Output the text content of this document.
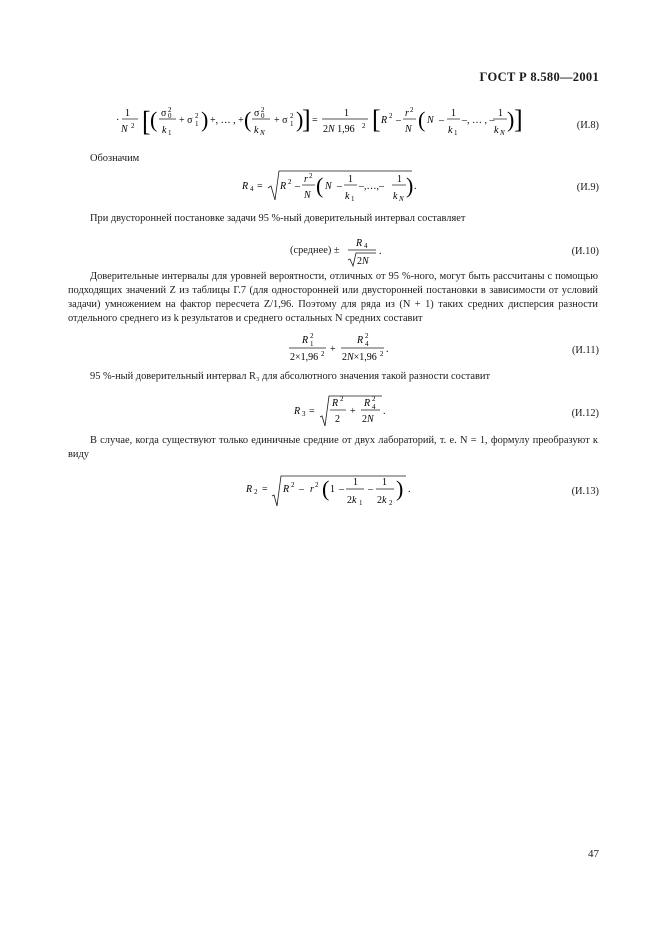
ГОСТ Р 8.580—2001
·
1
N 2 [ ( σ 2
0
k 1
+ σ 2
1 ) +, … , + ( σ 2
0
k N
+ σ 2
1 )
] =
1
2N 1,96 2 [ R 2 –
r 2
N ( N –
1
k 1
–, … , –
1
k N
) ]	(И.8)
Обозначим
R 4 = R 2 –
r 2
N ( N –
1
k 1
–,…,–
1
k N
) .	(И.9)
При двусторонней постановке задачи 95 %-ный доверительный интервал составляет
(среднее) ±
R 4
2N
.	(И.10)
Доверительные интервалы для уровней вероятности, отличных от 95 %-ного, могут быть рассчитаны с помощью подходящих значений Z из таблицы Г.7 (для односторонней или двусторонней постановки в зависимости от условий задачи) умножением на фактор пересчета Z/1,96. Поэтому для ряда из (N + 1) таких средних дисперсия разности отдельного среднего из k результатов и среднего остальных N средних составит
R 2
1
2×1,96 2 +
R 2
4
2N×1,96 2 .	(И.11)
95 %-ный доверительный интервал R₃ для абсолютного значения такой разности составит
R 3 =
R 2
2
+
R 2
4
2N
.	(И.12)
В случае, когда существуют только единичные средние от двух лабораторий, т. е. N = 1, формулу преобразуют к виду
R 2 = R 2 – r 2 ( 1 –
1
2k 1
–
1
2k 2
) .	(И.13)
47
